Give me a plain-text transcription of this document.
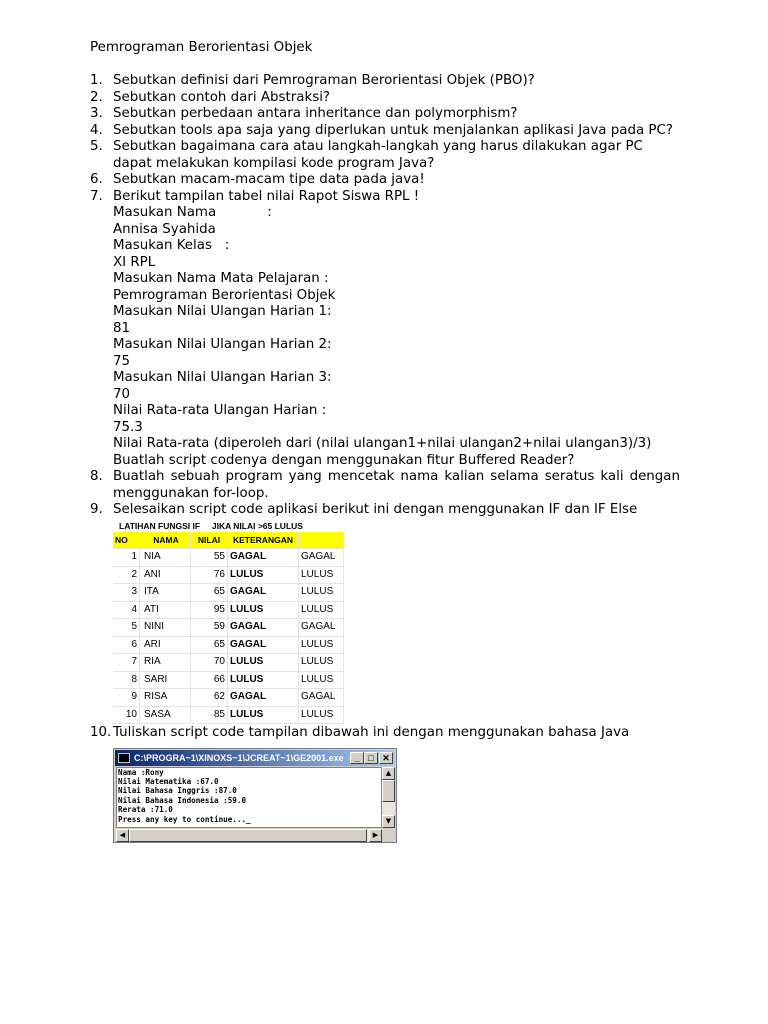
Pemrograman Berorientasi Objek
1. Sebutkan definisi dari Pemrograman Berorientasi Objek (PBO)?
2. Sebutkan contoh dari Abstraksi?
3. Sebutkan perbedaan antara inheritance dan polymorphism?
4. Sebutkan tools apa saja yang diperlukan untuk menjalankan aplikasi Java pada PC?
5. Sebutkan bagaimana cara atau langkah-langkah yang harus dilakukan agar PC dapat melakukan kompilasi kode program Java?
6. Sebutkan macam-macam tipe data pada java!
7. Berikut tampilan tabel nilai Rapot Siswa RPL !
Masukan Nama            :
Annisa Syahida
Masukan Kelas   :
XI RPL
Masukan Nama Mata Pelajaran :
Pemrograman Berorientasi Objek
Masukan Nilai Ulangan Harian 1:
81
Masukan Nilai Ulangan Harian 2:
75
Masukan Nilai Ulangan Harian 3:
70
Nilai Rata-rata Ulangan Harian :
75.3
Nilai Rata-rata (diperoleh dari (nilai ulangan1+nilai ulangan2+nilai ulangan3)/3)
Buatlah script codenya dengan menggunakan fitur Buffered Reader?
8. Buatlah sebuah program yang mencetak nama kalian selama seratus kali dengan menggunakan for-loop.
9. Selesaikan script code aplikasi berikut ini dengan menggunakan IF dan IF Else
LATIHAN FUNGSI IF     JIKA NILAI >65 LULUS
NO	NAMA	NILAI	KETERANGAN	
1	NIA	55	GAGAL	GAGAL
2	ANI	76	LULUS	LULUS
3	ITA	65	GAGAL	LULUS
4	ATI	95	LULUS	LULUS
5	NINI	59	GAGAL	GAGAL
6	ARI	65	GAGAL	LULUS
7	RIA	70	LULUS	LULUS
8	SARI	66	LULUS	LULUS
9	RISA	62	GAGAL	GAGAL
10	SASA	85	LULUS	LULUS
10. Tuliskan script code tampilan dibawah ini dengan menggunakan bahasa Java
C:\PROGRA~1\XINOXS~1\JCREAT~1\GE2001.exe	_ □ ✕
Nama :Rony
Nilai Matematika :67.0
Nilai Bahasa Inggris :87.0
Nilai Bahasa Indonesia :59.0
Rerata :71.0
Press any key to continue..._
▲
▼
◀	▶
